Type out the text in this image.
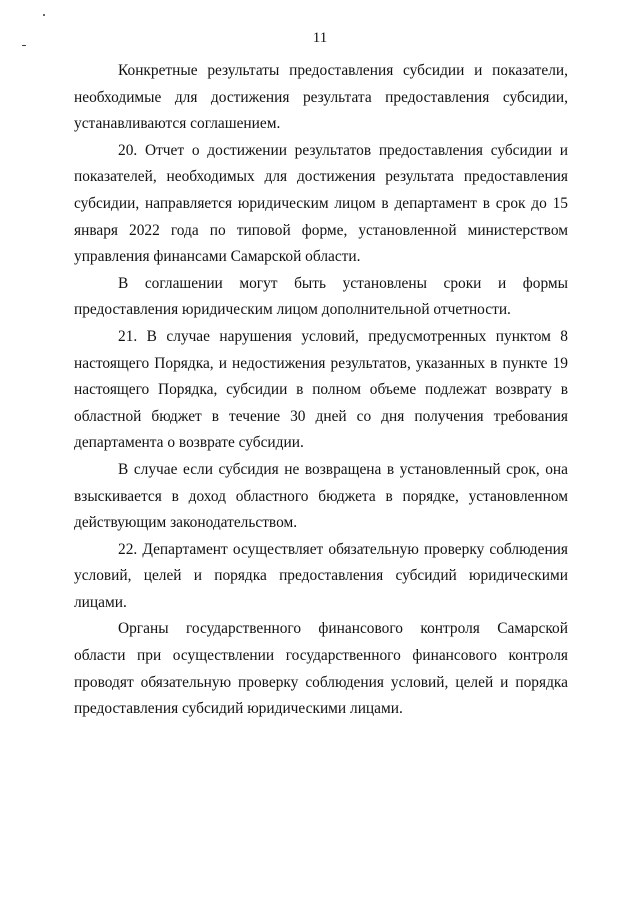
11

Конкретные результаты предоставления субсидии и показатели, необходимые для достижения результата предоставления субсидии, устанавливаются соглашением.

20. Отчет о достижении результатов предоставления субсидии и показателей, необходимых для достижения результата предоставления субсидии, направляется юридическим лицом в департамент в срок до 15 января 2022 года по типовой форме, установленной министерством управления финансами Самарской области.

В соглашении могут быть установлены сроки и формы предоставления юридическим лицом дополнительной отчетности.

21. В случае нарушения условий, предусмотренных пунктом 8 настоящего Порядка, и недостижения результатов, указанных в пункте 19 настоящего Порядка, субсидии в полном объеме подлежат возврату в областной бюджет в течение 30 дней со дня получения требования департамента о возврате субсидии.

В случае если субсидия не возвращена в установленный срок, она взыскивается в доход областного бюджета в порядке, установленном действующим законодательством.

22. Департамент осуществляет обязательную проверку соблюдения условий, целей и порядка предоставления субсидий юридическими лицами.

Органы государственного финансового контроля Самарской области при осуществлении государственного финансового контроля проводят обязательную проверку соблюдения условий, целей и порядка предоставления субсидий юридическими лицами.
